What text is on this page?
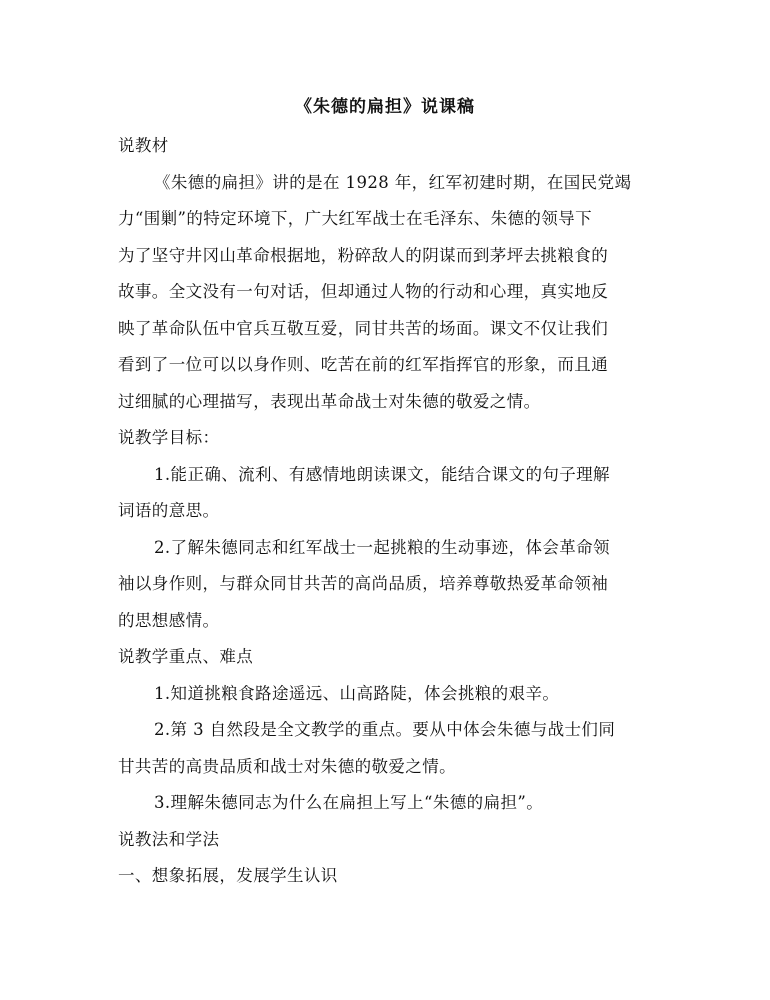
《朱德的扁担》说课稿
说教材
《朱德的扁担》讲的是在 1928 年，红军初建时期，在国民党竭
力“围剿”的特定环境下，广大红军战士在毛泽东、朱德的领导下
为了坚守井冈山革命根据地，粉碎敌人的阴谋而到茅坪去挑粮食的
故事。全文没有一句对话，但却通过人物的行动和心理，真实地反
映了革命队伍中官兵互敬互爱，同甘共苦的场面。课文不仅让我们
看到了一位可以以身作则、吃苦在前的红军指挥官的形象，而且通
过细腻的心理描写，表现出革命战士对朱德的敬爱之情。
说教学目标：
1.能正确、流利、有感情地朗读课文，能结合课文的句子理解
词语的意思。
2.了解朱德同志和红军战士一起挑粮的生动事迹，体会革命领
袖以身作则，与群众同甘共苦的高尚品质，培养尊敬热爱革命领袖
的思想感情。
说教学重点、难点
1.知道挑粮食路途遥远、山高路陡，体会挑粮的艰辛。
2.第 3 自然段是全文教学的重点。要从中体会朱德与战士们同
甘共苦的高贵品质和战士对朱德的敬爱之情。
3.理解朱德同志为什么在扁担上写上“朱德的扁担”。
说教法和学法
一、想象拓展，发展学生认识
